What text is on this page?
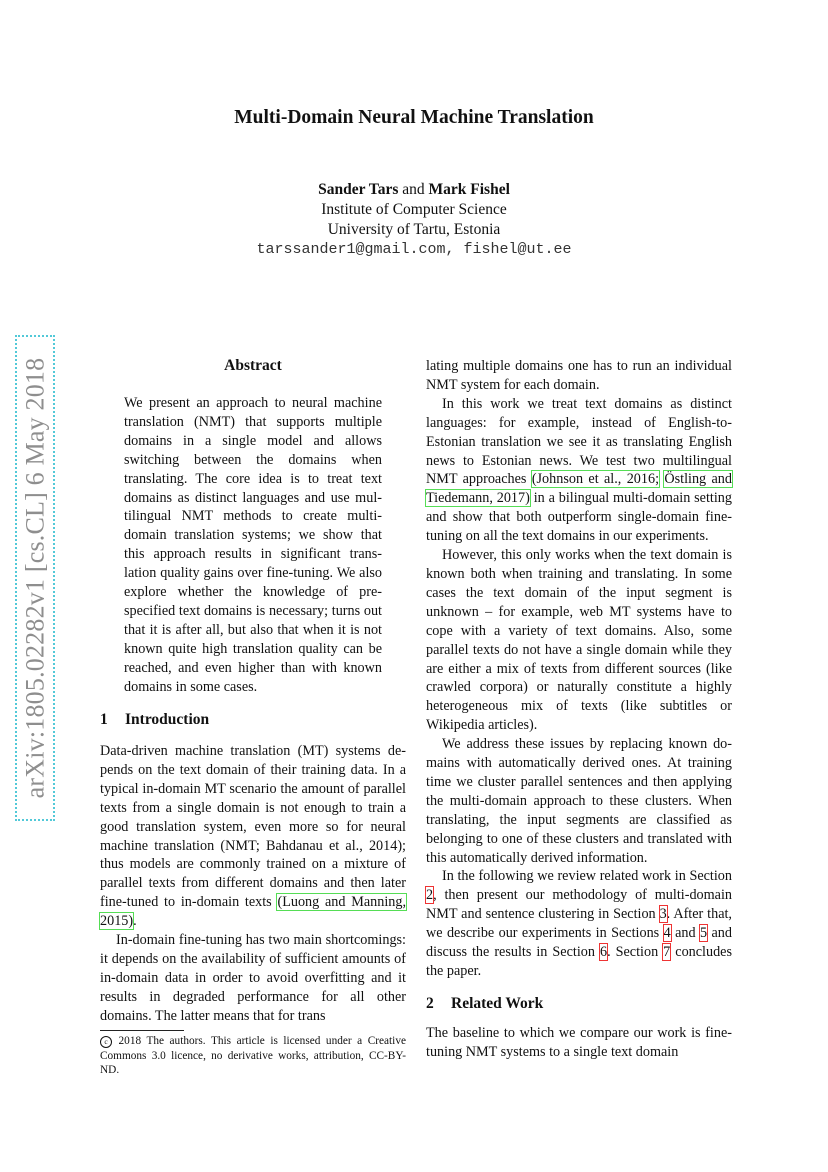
arXiv:1805.02282v1 [cs.CL] 6 May 2018
Multi-Domain Neural Machine Translation
Sander Tars and Mark Fishel
Institute of Computer Science
University of Tartu, Estonia
tarssander1@gmail.com, fishel@ut.ee
Abstract
We present an approach to neural machine translation (NMT) that supports multiple domains in a single model and allows switching between the domains when translating. The core idea is to treat text domains as distinct languages and use multilingual NMT methods to create multidomain translation systems; we show that this approach results in significant translation quality gains over fine-tuning. We also explore whether the knowledge of prespecified text domains is necessary; turns out that it is after all, but also that when it is not known quite high translation quality can be reached, and even higher than with known domains in some cases.
1 Introduction

Data-driven machine translation (MT) systems depends on the text domain of their training data. In a typical in-domain MT scenario the amount of parallel texts from a single domain is not enough to train a good translation system, even more so for neural machine translation (NMT; Bahdanau et al., 2014); thus models are commonly trained on a mixture of parallel texts from different domains and then later fine-tuned to in-domain texts (Luong and Manning, 2015).

In-domain fine-tuning has two main shortcomings: it depends on the availability of sufficient amounts of in-domain data in order to avoid overfitting and it results in degraded performance for all other domains. The latter means that for trans

lating multiple domains one has to run an individual NMT system for each domain.

In this work we treat text domains as distinct languages: for example, instead of English-to-Estonian translation we see it as translating English news to Estonian news. We test two multilingual NMT approaches (Johnson et al., 2016; Östling and Tiedemann, 2017) in a bilingual multi-domain setting and show that both outperform single-domain fine-tuning on all the text domains in our experiments.

However, this only works when the text domain is known both when training and translating. In some cases the text domain of the input segment is unknown – for example, web MT systems have to cope with a variety of text domains. Also, some parallel texts do not have a single domain while they are either a mix of texts from different sources (like crawled corpora) or naturally constitute a highly heterogeneous mix of texts (like subtitles or Wikipedia articles).

We address these issues by replacing known domains with automatically derived ones. At training time we cluster parallel sentences and then applying the multi-domain approach to these clusters. When translating, the input segments are classified as belonging to one of these clusters and translated with this automatically derived information.

In the following we review related work in Section 2, then present our methodology of multi-domain NMT and sentence clustering in Section 3. After that, we describe our experiments in Sections 4 and 5 and discuss the results in Section 6. Section 7 concludes the paper.

2 Related Work

The baseline to which we compare our work is fine-tuning NMT systems to a single text domain

c 2018 The authors. This article is licensed under a Creative Commons 3.0 licence, no derivative works, attribution, CC-BY-ND.
